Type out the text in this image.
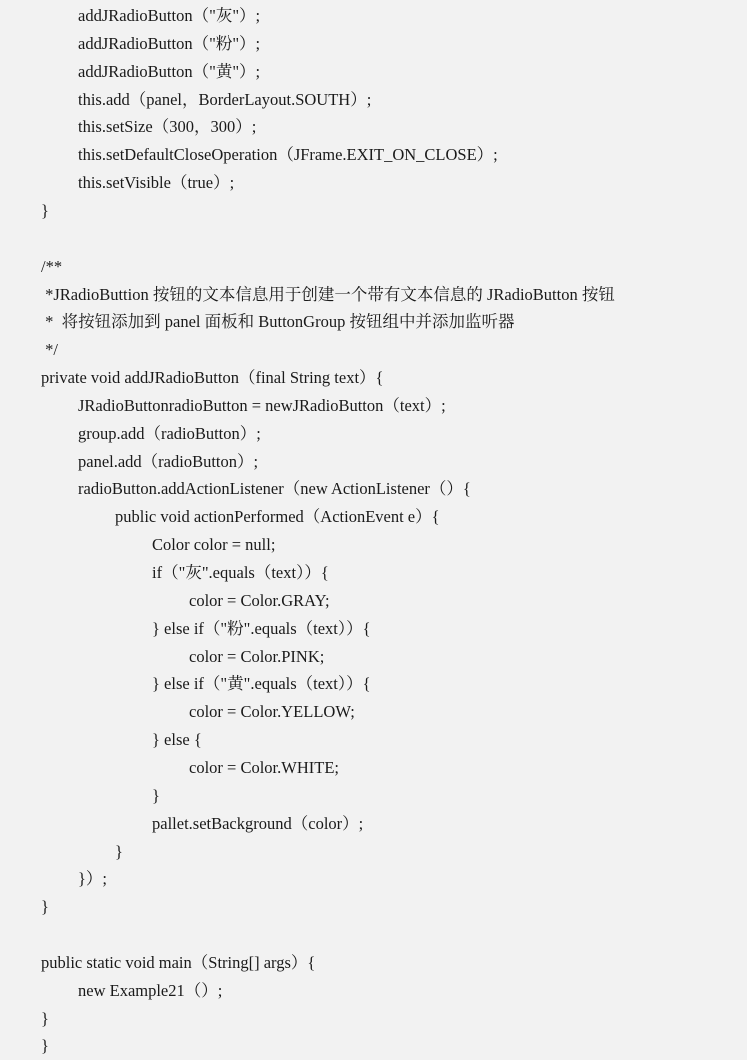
addJRadioButton（"灰"）;
addJRadioButton（"粉"）;
addJRadioButton（"黄"）;
this.add（panel，BorderLayout.SOUTH）;
this.setSize（300，300）;
this.setDefaultCloseOperation（JFrame.EXIT_ON_CLOSE）;
this.setVisible（true）;
}
/**
*JRadioButtion 按钮的文本信息用于创建一个带有文本信息的 JRadioButton 按钮
*  将按钮添加到 panel 面板和 ButtonGroup 按钮组中并添加监听器
*/
private void addJRadioButton（final String text）{
JRadioButtonradioButton = newJRadioButton（text）;
group.add（radioButton）;
panel.add（radioButton）;
radioButton.addActionListener（new ActionListener（）{
public void actionPerformed（ActionEvent e）{
Color color = null;
if（"灰".equals（text））{
color = Color.GRAY;
} else if（"粉".equals（text））{
color = Color.PINK;
} else if（"黄".equals（text））{
color = Color.YELLOW;
} else {
color = Color.WHITE;
}
pallet.setBackground（color）;
}
}）;
}
public static void main（String[] args）{
new Example21（）;
}
}
